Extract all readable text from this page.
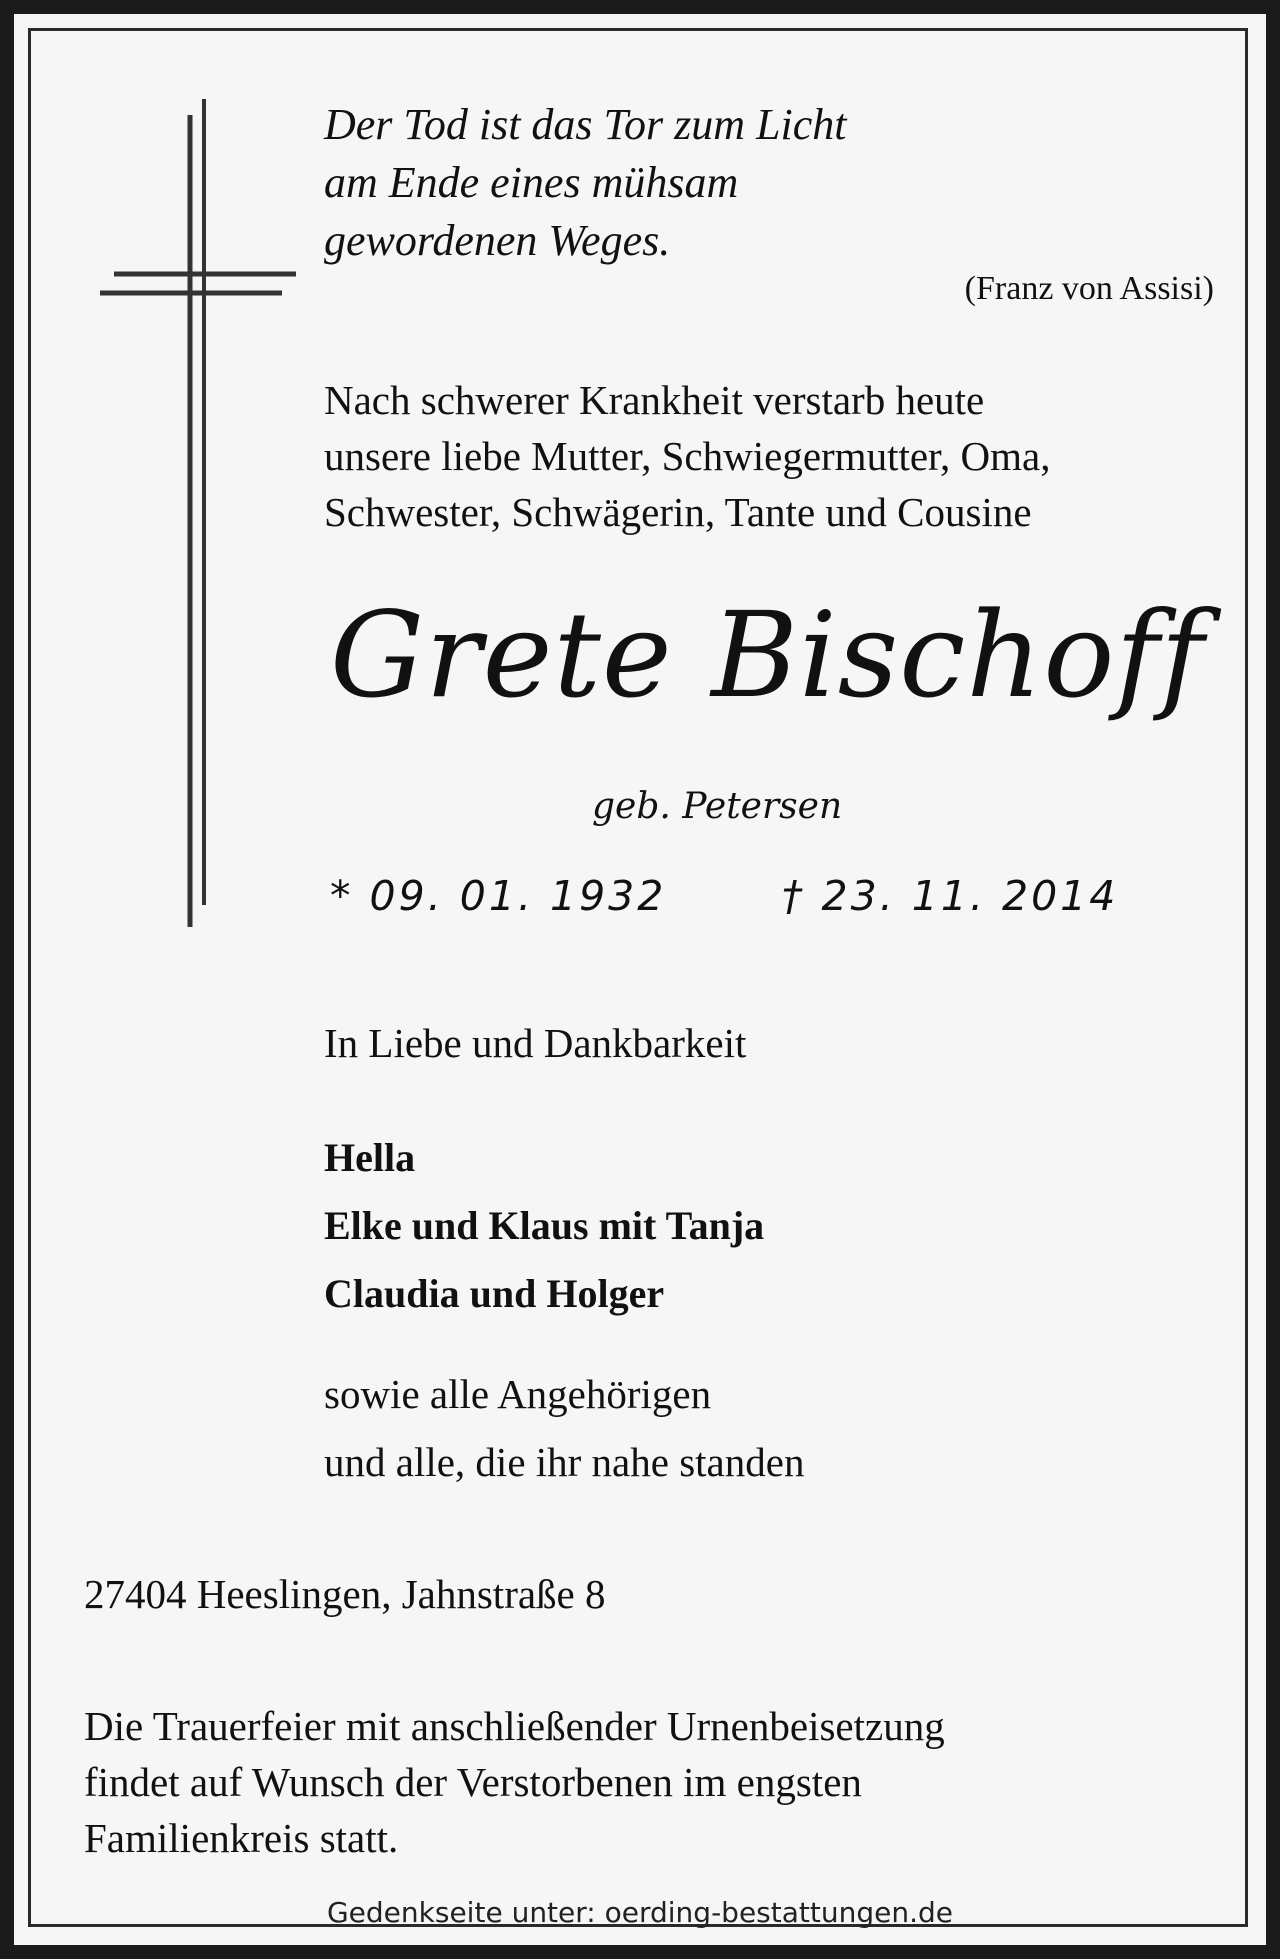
Der Tod ist das Tor zum Licht
am Ende eines mühsam
gewordenen Weges.
(Franz von Assisi)
Nach schwerer Krankheit verstarb heute
unsere liebe Mutter, Schwiegermutter, Oma,
Schwester, Schwägerin, Tante und Cousine
Grete Bischoff
geb. Petersen
* 09. 01. 1932	† 23. 11. 2014
In Liebe und Dankbarkeit
Hella
Elke und Klaus mit Tanja
Claudia und Holger
sowie alle Angehörigen
und alle, die ihr nahe standen
27404 Heeslingen, Jahnstraße 8
Die Trauerfeier mit anschließender Urnenbeisetzung
findet auf Wunsch der Verstorbenen im engsten
Familienkreis statt.
Gedenkseite unter: oerding-bestattungen.de
